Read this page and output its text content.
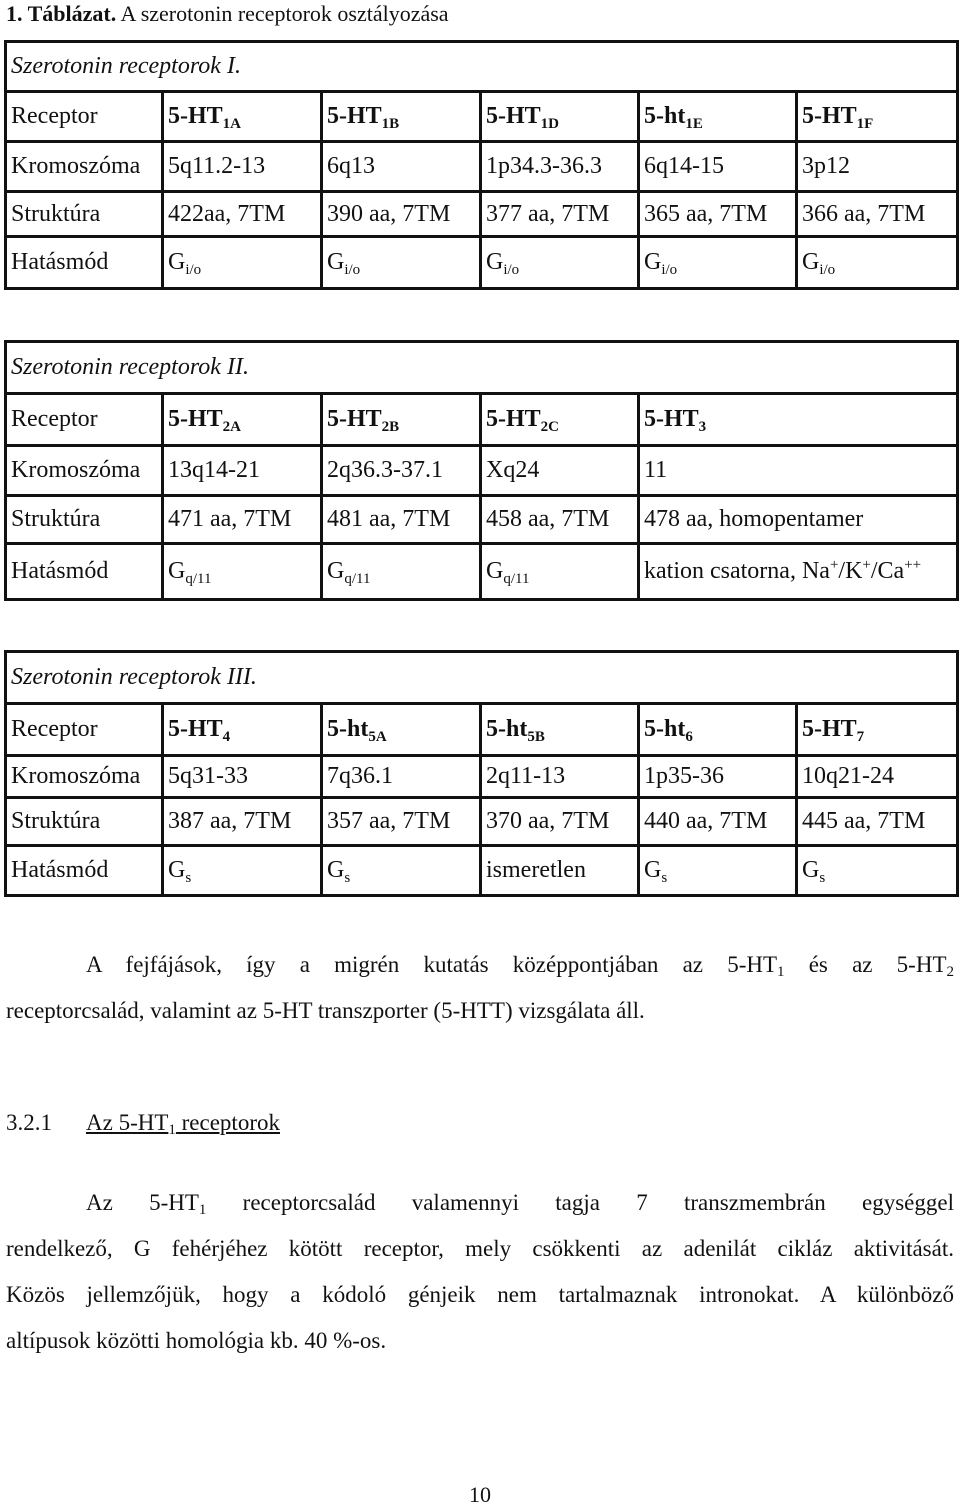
1. Táblázat. A szerotonin receptorok osztályozása
Szerotonin receptorok I.					
Receptor	$5-HT_{1A}$	$5-HT_{1B}$	$5-HT_{1D}$	$5-ht_{1E}$	$5-HT_{1F}$
Kromoszóma	5q11.2-13	6q13	1p34.3-36.3	6q14-15	3p12
Struktúra	422aa, 7TM	390 aa, 7TM	377 aa, 7TM	365 aa, 7TM	366 aa, 7TM
Hatásmód	$G_{i/o}$	$G_{i/o}$	$G_{i/o}$	$G_{i/o}$	$G_{i/o}$
Szerotonin receptorok II.				
Receptor	$5-HT_{2A}$	$5-HT_{2B}$	$5-HT_{2C}$	$5-HT_3$
Kromoszóma	13q14-21	2q36.3-37.1	Xq24	11
Struktúra	471 aa, 7TM	481 aa, 7TM	458 aa, 7TM	478 aa, homopentamer
Hatásmód	$G_{q/11}$	$G_{q/11}$	$G_{q/11}$	kation csatorna, Na+/K+/Ca++
Szerotonin receptorok III.					
Receptor	$5-HT_4$	$5-ht_{5A}$	$5-ht_{5B}$	$5-ht_6$	$5-HT_7$
Kromoszóma	5q31-33	7q36.1	2q11-13	1p35-36	10q21-24
Struktúra	387 aa, 7TM	357 aa, 7TM	370 aa, 7TM	440 aa, 7TM	445 aa, 7TM
Hatásmód	$G_s$	$G_s$	ismeretlen	$G_s$	$G_s$

A fejfájások, így a migrén kutatás középpontjában az $5-HT_1$ és az $5-HT_2$

receptorcsalád, valamint az 5-HT transzporter (5-HTT) vizsgálata áll.

3.2.1 Az $5-HT_1$ receptorok

Az $5-HT_1$ receptorcsalád valamennyi tagja 7 transzmembrán egységgel

rendelkező, G fehérjéhez kötött receptor, mely csökkenti az adenilát cikláz aktivitását.

Közös jellemzőjük, hogy a kódoló génjeik nem tartalmaznak intronokat. A különböző

altípusok közötti homológia kb. 40 %-os.

10
